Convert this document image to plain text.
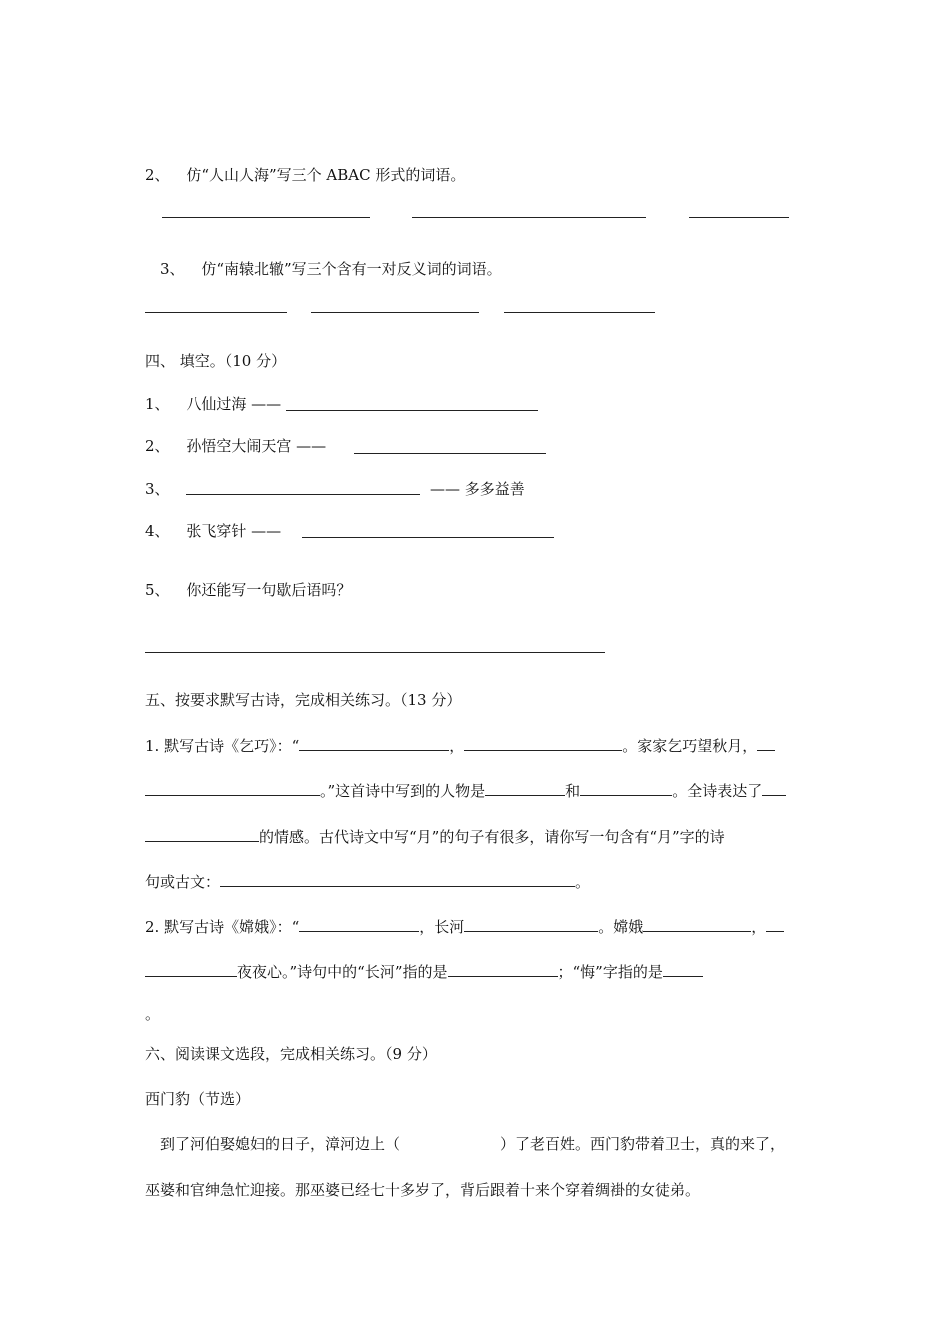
2、 仿“人山人海”写三个 ABAC 形式的词语。
3、 仿“南辕北辙”写三个含有一对反义词的词语。
四、 填空。（10 分）
1、 八仙过海 ——
2、 孙悟空大闹天宫 ——
3、	—— 多多益善
4、 张飞穿针 ——
5、 你还能写一句歇后语吗？
五、按要求默写古诗，完成相关练习。（13 分）
1. 默写古诗《乞巧》：“	，	。家家乞巧望秋月，
。”这首诗中写到的人物是	和	。全诗表达了
的情感。古代诗文中写“月”的句子有很多，请你写一句含有“月”字的诗
句或古文：	。
2. 默写古诗《嫦娥》：“	，长河	。嫦娥	，
夜夜心。”诗句中的“长河”指的是	；“悔”字指的是
。
六、阅读课文选段，完成相关练习。（9 分）
西门豹（节选）
到了河伯娶媳妇的日子，漳河边上（	）了老百姓。西门豹带着卫士，真的来了，
巫婆和官绅急忙迎接。那巫婆已经七十多岁了，背后跟着十来个穿着绸褂的女徒弟。
